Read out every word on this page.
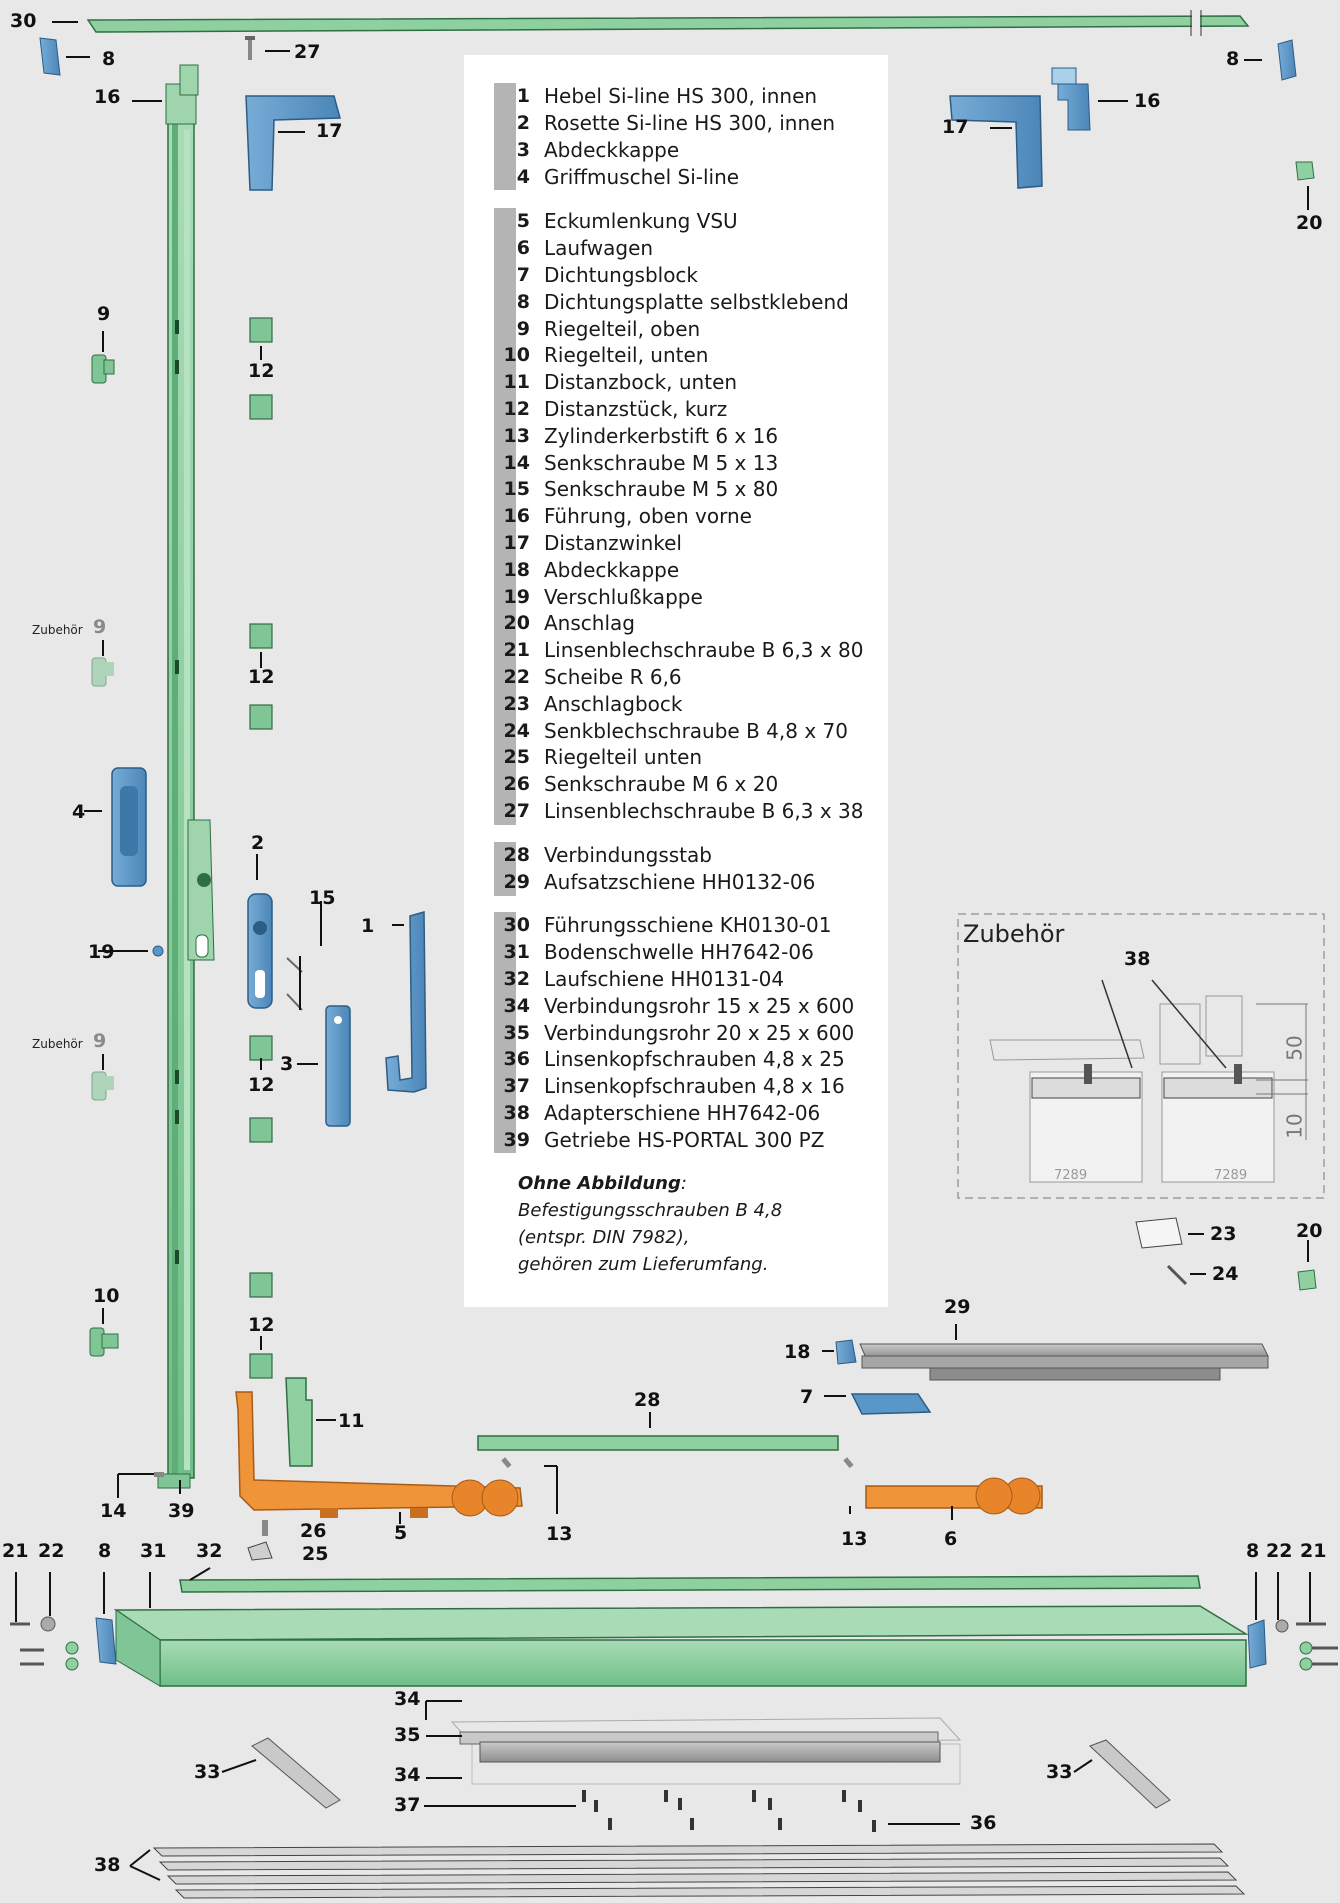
30
8	27	8
16	16
17	17
20
9
12
Zubehör 9
12
4
2
15
1
19
Zubehör 9
3
12
10
12
11
14 39
5
26
25
28
13	13	6
18
7
29
23
24
20
21 22 8 31 32	8 22 21
34
35
34
33	33
37
36
38
Zubehör
38
50
10
7289	7289
1 Hebel Si-line HS 300, innen
2 Rosette Si-line HS 300, innen
3 Abdeckkappe
4 Griffmuschel Si-line
5 Eckumlenkung VSU
6 Laufwagen
7 Dichtungsblock
8 Dichtungsplatte selbstklebend
9 Riegelteil, oben
10 Riegelteil, unten
11 Distanzbock, unten
12 Distanzstück, kurz
13 Zylinderkerbstift 6 x 16
14 Senkschraube M 5 x 13
15 Senkschraube M 5 x 80
16 Führung, oben vorne
17 Distanzwinkel
18 Abdeckkappe
19 Verschlußkappe
20 Anschlag
21 Linsenblechschraube B 6,3 x 80
22 Scheibe R 6,6
23 Anschlagbock
24 Senkblechschraube B 4,8 x 70
25 Riegelteil unten
26 Senkschraube M 6 x 20
27 Linsenblechschraube B 6,3 x 38
28 Verbindungsstab
29 Aufsatzschiene HH0132-06
30 Führungsschiene KH0130-01
31 Bodenschwelle HH7642-06
32 Laufschiene HH0131-04
34 Verbindungsrohr 15 x 25 x 600
35 Verbindungsrohr 20 x 25 x 600
36 Linsenkopfschrauben 4,8 x 25
37 Linsenkopfschrauben 4,8 x 16
38 Adapterschiene HH7642-06
39 Getriebe HS-PORTAL 300 PZ
Ohne Abbildung:
Befestigungsschrauben B 4,8
(entspr. DIN 7982),
gehören zum Lieferumfang.
